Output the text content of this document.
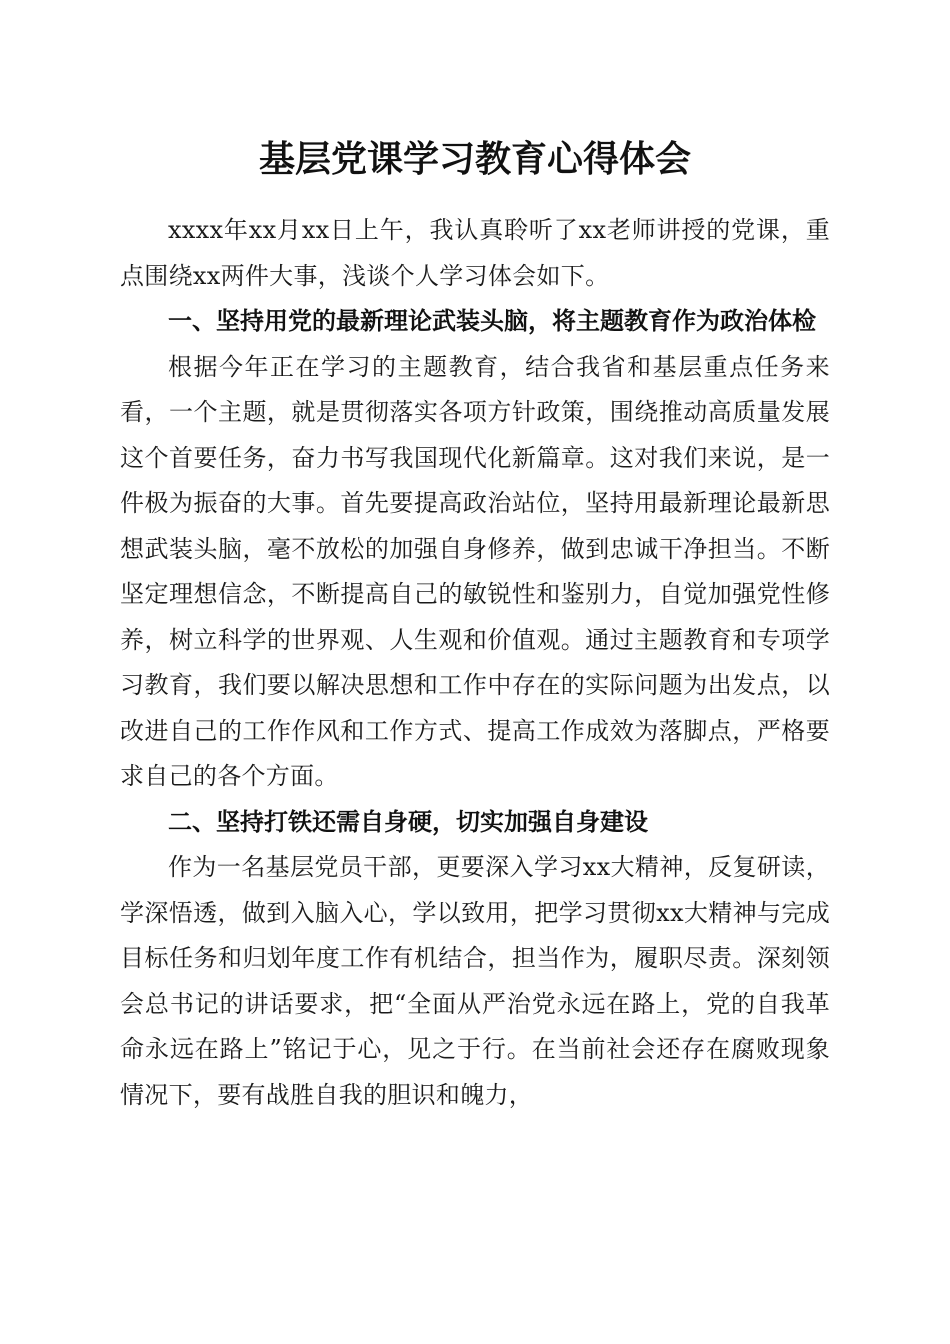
基层党课学习教育心得体会

xxxx年xx月xx日上午，我认真聆听了xx老师讲授的党课，重点围绕xx两件大事，浅谈个人学习体会如下。

一、坚持用党的最新理论武装头脑，将主题教育作为政治体检

根据今年正在学习的主题教育，结合我省和基层重点任务来看，一个主题，就是贯彻落实各项方针政策，围绕推动高质量发展这个首要任务，奋力书写我国现代化新篇章。这对我们来说，是一件极为振奋的大事。首先要提高政治站位，坚持用最新理论最新思想武装头脑，毫不放松的加强自身修养，做到忠诚干净担当。不断坚定理想信念，不断提高自己的敏锐性和鉴别力，自觉加强党性修养，树立科学的世界观、人生观和价值观。通过主题教育和专项学习教育，我们要以解决思想和工作中存在的实际问题为出发点，以改进自己的工作作风和工作方式、提高工作成效为落脚点，严格要求自己的各个方面。

二、坚持打铁还需自身硬，切实加强自身建设

作为一名基层党员干部，更要深入学习xx大精神，反复研读，学深悟透，做到入脑入心，学以致用，把学习贯彻xx大精神与完成目标任务和归划年度工作有机结合，担当作为，履职尽责。深刻领会总书记的讲话要求，把“全面从严治党永远在路上，党的自我革命永远在路上”铭记于心，见之于行。在当前社会还存在腐败现象情况下，要有战胜自我的胆识和魄力，
